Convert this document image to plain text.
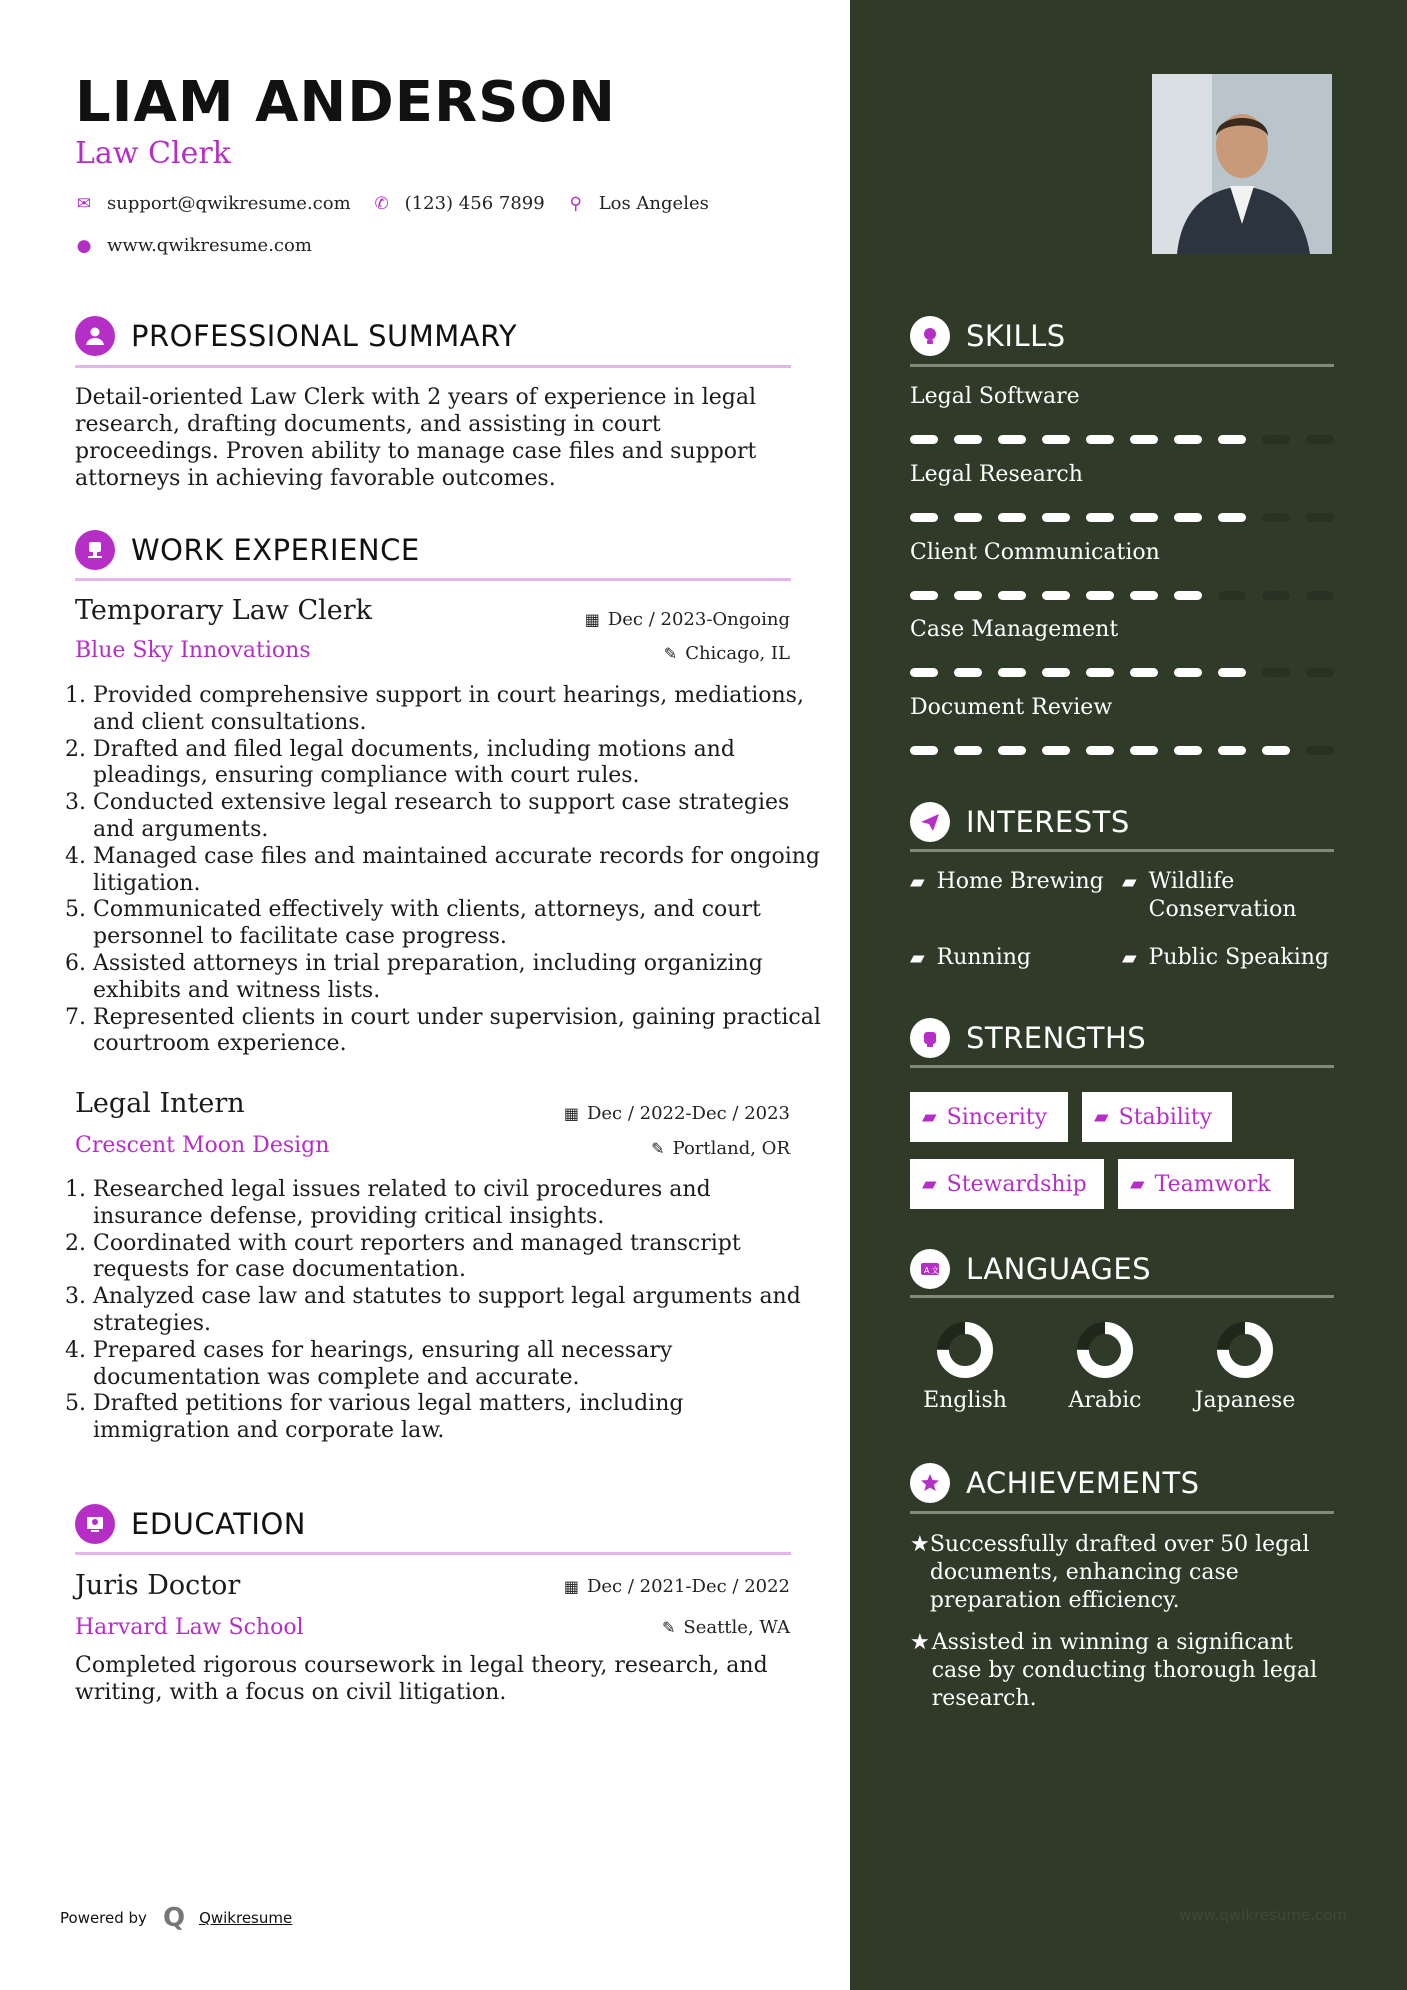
LIAM ANDERSON
Law Clerk
✉ support@qwikresume.com ✆ (123) 456 7899 ⚲ Los Angeles
● www.qwikresume.com
PROFESSIONAL SUMMARY

Detail-oriented Law Clerk with 2 years of experience in legal research, drafting documents, and assisting in court proceedings. Proven ability to manage case files and support attorneys in achieving favorable outcomes.

WORK EXPERIENCE
Temporary Law Clerk	▦ Dec / 2023-Ongoing
Blue Sky Innovations	✎ Chicago, IL
1. Provided comprehensive support in court hearings, mediations, and client consultations.
2. Drafted and filed legal documents, including motions and pleadings, ensuring compliance with court rules.
3. Conducted extensive legal research to support case strategies and arguments.
4. Managed case files and maintained accurate records for ongoing litigation.
5. Communicated effectively with clients, attorneys, and court personnel to facilitate case progress.
6. Assisted attorneys in trial preparation, including organizing exhibits and witness lists.
7. Represented clients in court under supervision, gaining practical courtroom experience.
Legal Intern	▦ Dec / 2022-Dec / 2023
Crescent Moon Design	✎ Portland, OR
1. Researched legal issues related to civil procedures and insurance defense, providing critical insights.
2. Coordinated with court reporters and managed transcript requests for case documentation.
3. Analyzed case law and statutes to support legal arguments and strategies.
4. Prepared cases for hearings, ensuring all necessary documentation was complete and accurate.
5. Drafted petitions for various legal matters, including immigration and corporate law.
EDUCATION
Juris Doctor	▦ Dec / 2021-Dec / 2022
Harvard Law School	✎ Seattle, WA

Completed rigorous coursework in legal theory, research, and writing, with a focus on civil litigation.

Powered by Q Qwikresume
SKILLS
Legal Software
Legal Research
Client Communication
Case Management
Document Review
INTERESTS
▰ Home Brewing ▰ Wildlife Conservation
▰ Running	▰ Public Speaking
STRENGTHS
▰ Sincerity ▰ Stability
▰ Stewardship ▰ Teamwork
A 文 LANGUAGES
English	Arabic	Japanese
ACHIEVEMENTS
★ Successfully drafted over 50 legal documents, enhancing case preparation efficiency.
★ Assisted in winning a significant case by conducting thorough legal research.
www.qwikresume.com
